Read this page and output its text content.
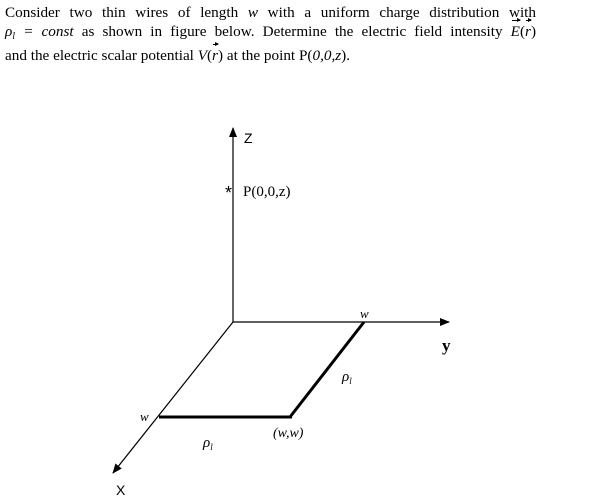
Consider two thin wires of length w with a uniform charge distribution with
$\rho_l$ = const as shown in figure below. Determine the electric field intensity E(r)
and the electric scalar potential V(r) at the point P(0,0,z).
Z
* P(0,0,z)
y
w
X
w
(w,w)
$\rho_l$
$\rho_l$
